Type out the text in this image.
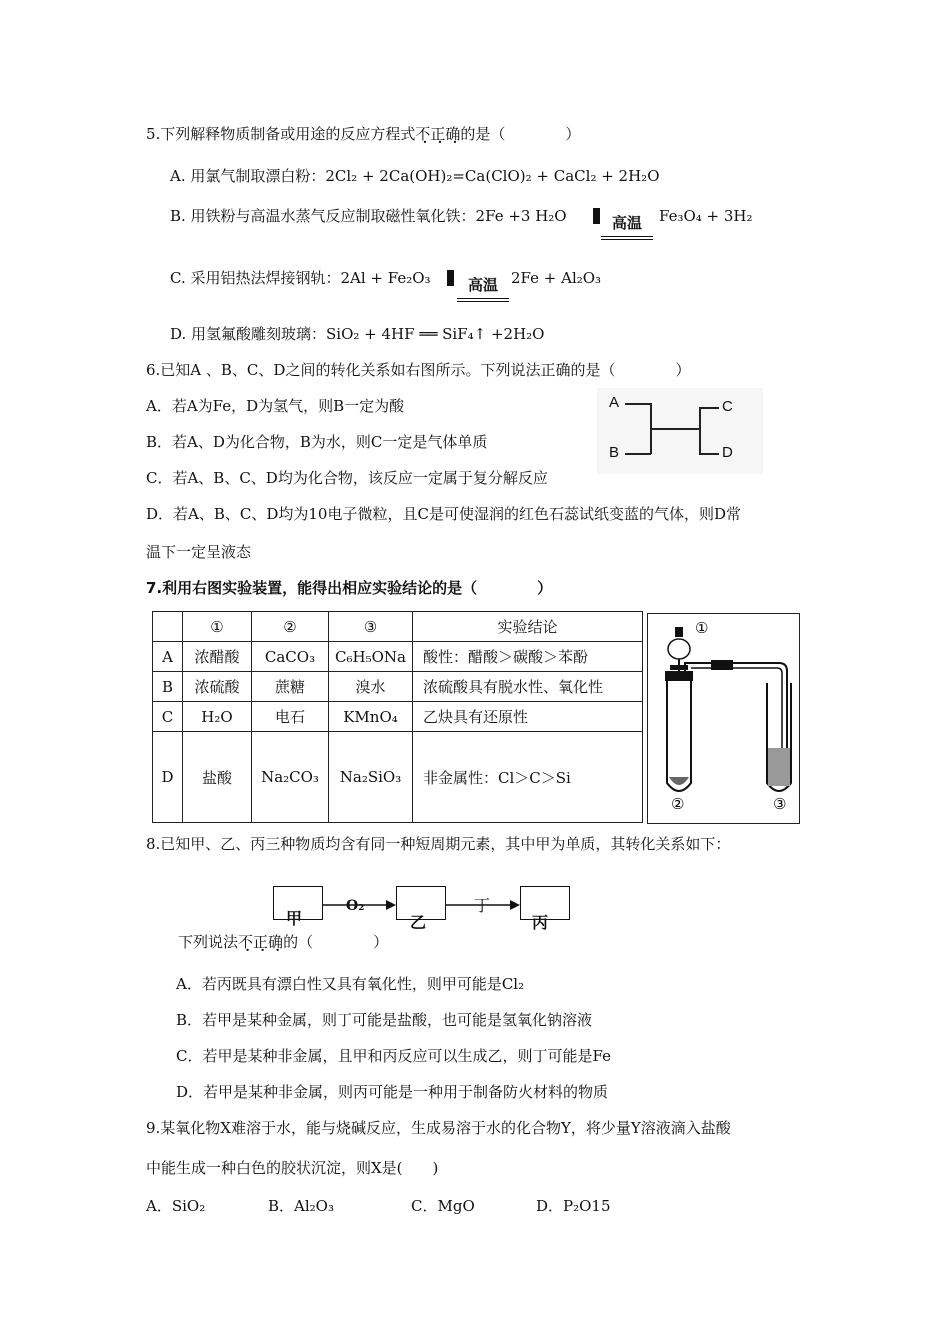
5.下列解释物质制备或用途的反应方程式不正确的是（　　　　）
A. 用氯气制取漂白粉：2Cl₂ + 2Ca(OH)₂=Ca(ClO)₂ + CaCl₂ + 2H₂O
B. 用铁粉与高温水蒸气反应制取磁性氧化铁：2Fe +3 H₂O	高温	Fe₃O₄ + 3H₂
C. 采用铝热法焊接钢轨：2Al + Fe₂O₃	高温 2Fe + Al₂O₃
D. 用氢氟酸雕刻玻璃：SiO₂ + 4HF ══ SiF₄↑ +2H₂O
6.已知A 、B、C、D之间的转化关系如右图所示。下列说法正确的是（　　　　）
A．若A为Fe，D为氢气，则B一定为酸
B．若A、D为化合物，B为水，则C一定是气体单质
C．若A、B、C、D均为化合物，该反应一定属于复分解反应
D．若A、B、C、D均为10电子微粒，且C是可使湿润的红色石蕊试纸变蓝的气体，则D常
温下一定呈液态
A
B
C
D
7.利用右图实验装置，能得出相应实验结论的是（　　　　）
	①	②	③	实验结论
A	浓醋酸	CaCO₃	C₆H₅ONa	酸性：醋酸＞碳酸＞苯酚
B	浓硫酸	蔗糖	溴水	浓硫酸具有脱水性、氧化性
C	H₂O	电石	KMnO₄	乙炔具有还原性
D	盐酸	Na₂CO₃	Na₂SiO₃	非金属性：Cl＞C＞Si
①
②	③
8.已知甲、乙、丙三种物质均含有同一种短周期元素，其中甲为单质，其转化关系如下：
甲	乙	丙
O₂	丁
下列说法不正确的（　　　　）
A．若丙既具有漂白性又具有氧化性，则甲可能是Cl₂
B．若甲是某种金属，则丁可能是盐酸，也可能是氢氧化钠溶液
C．若甲是某种非金属，且甲和丙反应可以生成乙，则丁可能是Fe
D．若甲是某种非金属，则丙可能是一种用于制备防火材料的物质
9.某氧化物X难溶于水，能与烧碱反应，生成易溶于水的化合物Y，将少量Y溶液滴入盐酸
中能生成一种白色的胶状沉淀，则X是(　　)
A．SiO₂	B．Al₂O₃	C．MgO	D．P₂O15
